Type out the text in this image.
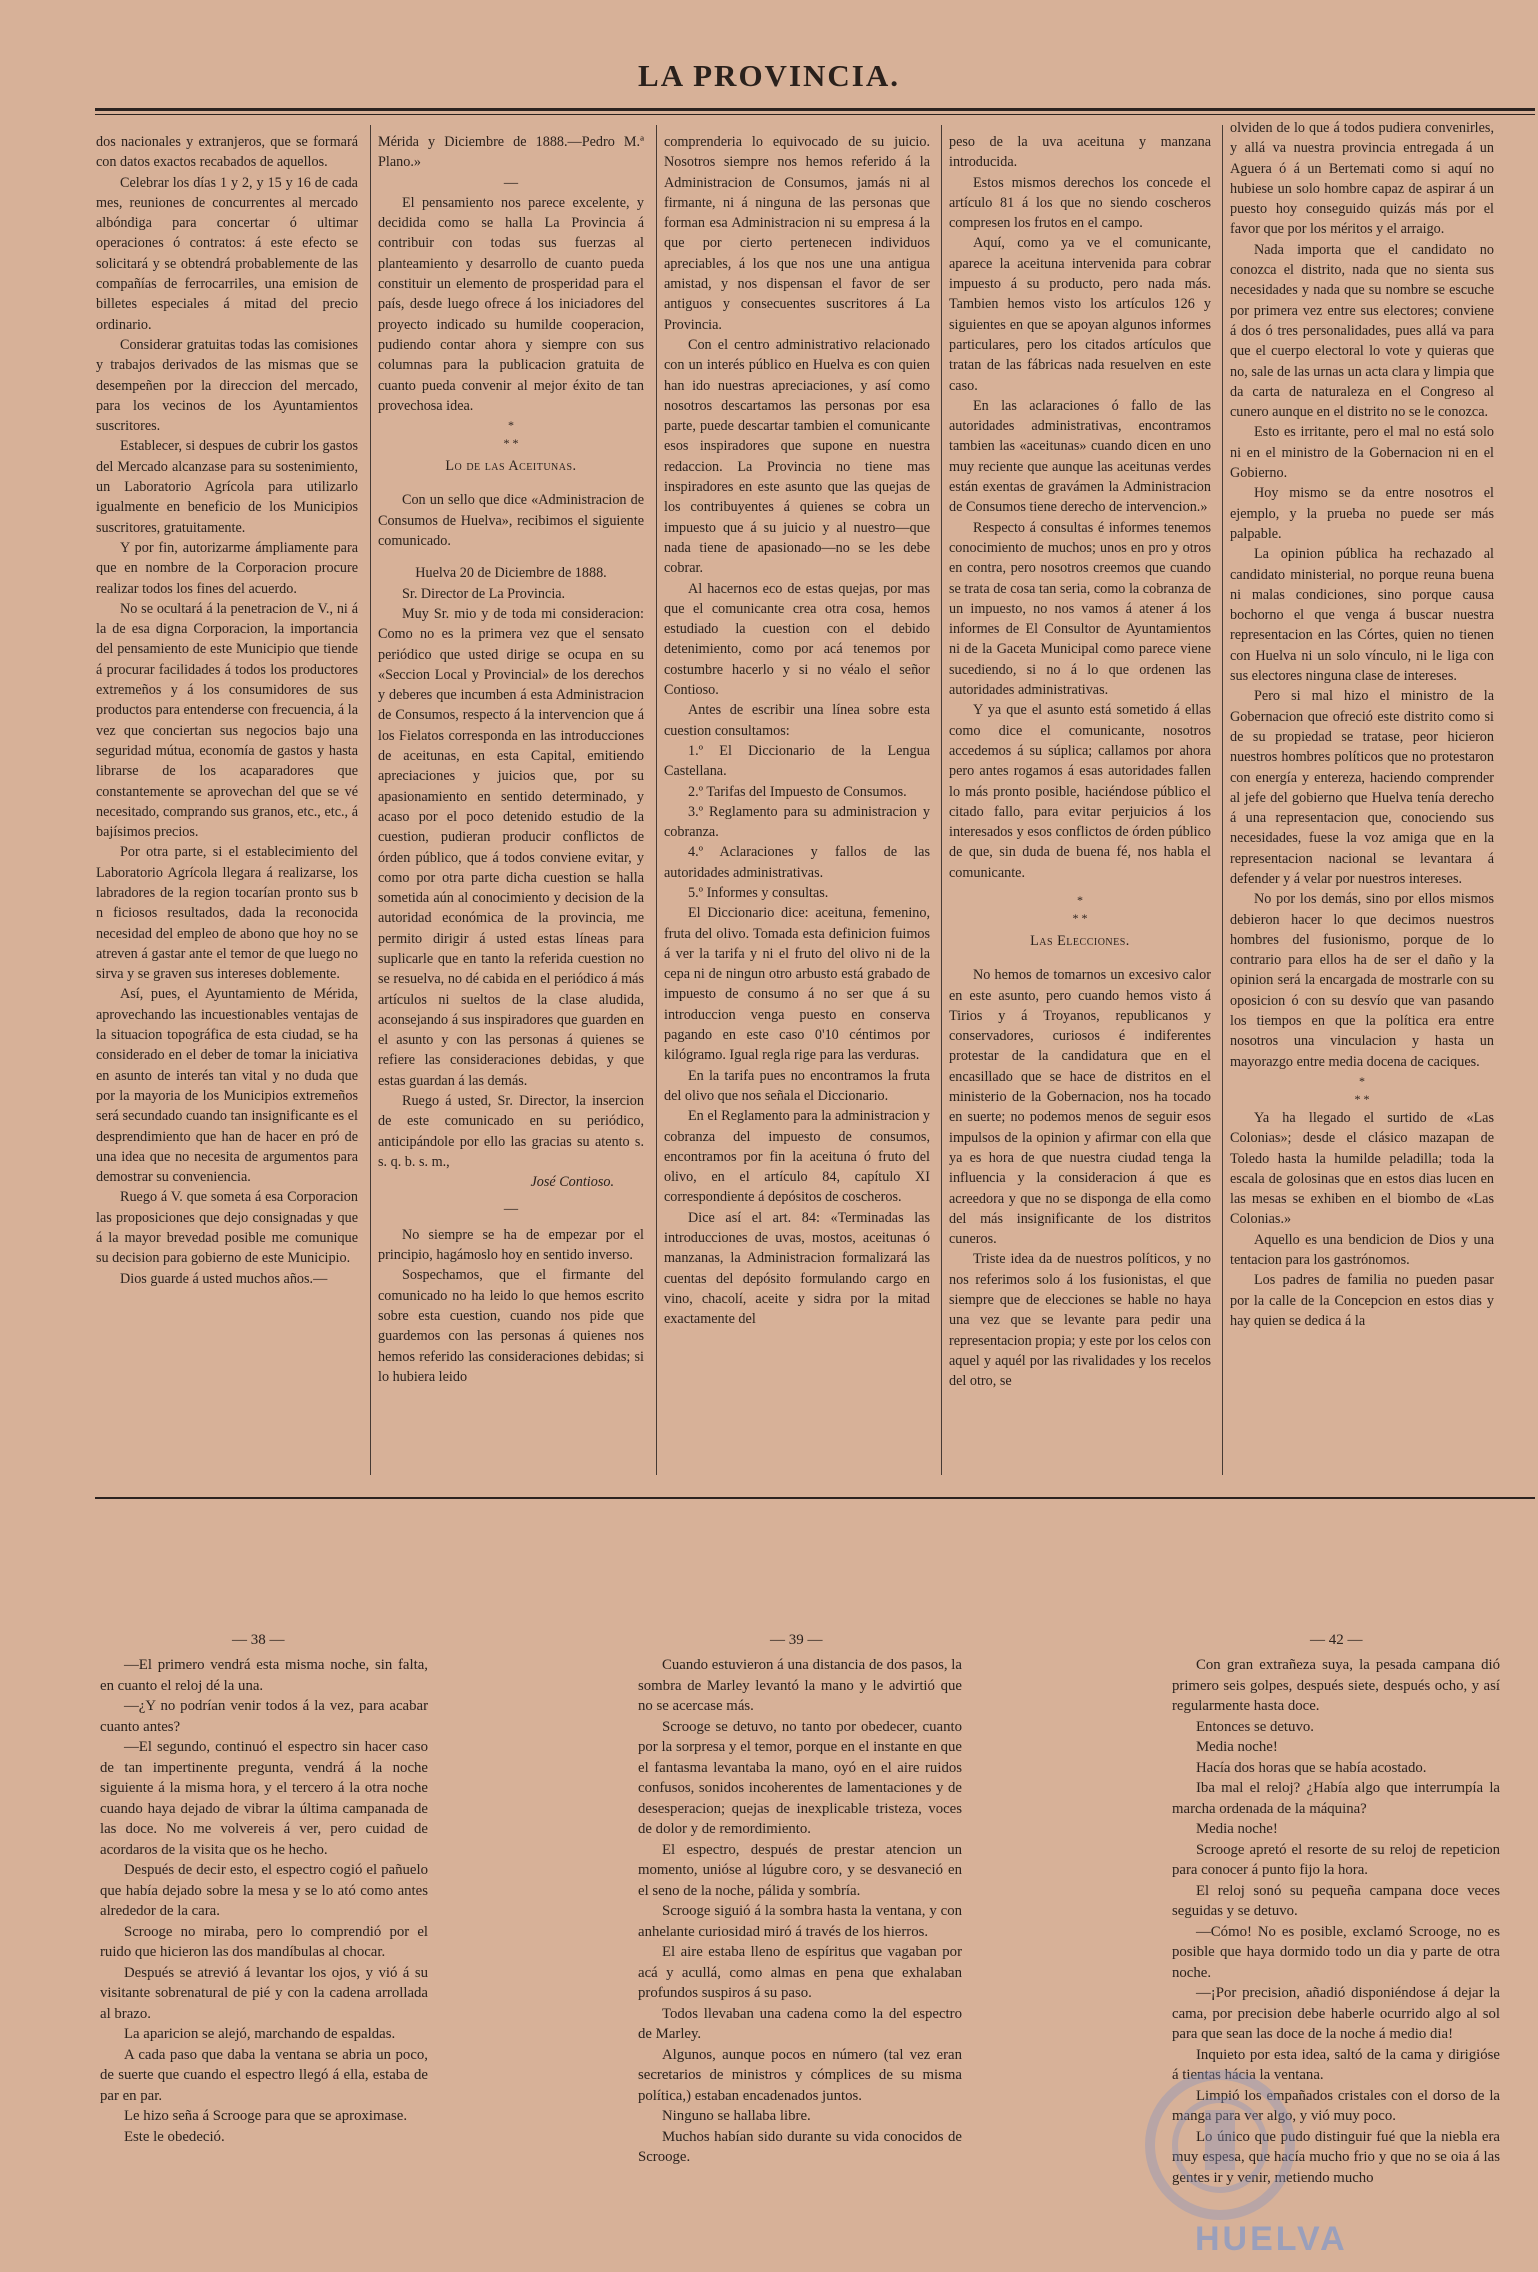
LA PROVINCIA.

dos nacionales y extranjeros, que se formará con datos exactos recabados de aquellos.

Celebrar los días 1 y 2, y 15 y 16 de cada mes, reuniones de concurrentes al mercado albóndiga para concertar ó ultimar operaciones ó contratos: á este efecto se solicitará y se obtendrá probablemente de las compañías de ferrocarriles, una emision de billetes especiales á mitad del precio ordinario.

Considerar gratuitas todas las comisiones y trabajos derivados de las mismas que se desempeñen por la direccion del mercado, para los vecinos de los Ayuntamientos suscritores.

Establecer, si despues de cubrir los gastos del Mercado alcanzase para su sostenimiento, un Laboratorio Agrícola para utilizarlo igualmente en beneficio de los Municipios suscritores, gratuitamente.

Y por fin, autorizarme ámpliamente para que en nombre de la Corporacion procure realizar todos los fines del acuerdo.

No se ocultará á la penetracion de V., ni á la de esa digna Corporacion, la importancia del pensamiento de este Municipio que tiende á procurar facilidades á todos los productores extremeños y á los consumidores de sus productos para entenderse con frecuencia, á la vez que conciertan sus negocios bajo una seguridad mútua, economía de gastos y hasta librarse de los acaparadores que constantemente se aprovechan del que se vé necesitado, comprando sus granos, etc., etc., á bajísimos precios.

Por otra parte, si el establecimiento del Laboratorio Agrícola llegara á realizarse, los labradores de la region tocarían pronto sus b n ficiosos resultados, dada la reconocida necesidad del empleo de abono que hoy no se atreven á gastar ante el temor de que luego no sirva y se graven sus intereses doblemente.

Así, pues, el Ayuntamiento de Mérida, aprovechando las incuestionables ventajas de la situacion topográfica de esta ciudad, se ha considerado en el deber de tomar la iniciativa en asunto de interés tan vital y no duda que por la mayoria de los Municipios extremeños será secundado cuando tan insignificante es el desprendimiento que han de hacer en pró de una idea que no necesita de argumentos para demostrar su conveniencia.

Ruego á V. que someta á esa Corporacion las proposiciones que dejo consignadas y que á la mayor brevedad posible me comunique su decision para gobierno de este Municipio.

Dios guarde á usted muchos años.—

Mérida y Diciembre de 1888.—Pedro M.ª Plano.»

—

El pensamiento nos parece excelente, y decidida como se halla La Provincia á contribuir con todas sus fuerzas al planteamiento y desarrollo de cuanto pueda constituir un elemento de prosperidad para el país, desde luego ofrece á los iniciadores del proyecto indicado su humilde cooperacion, pudiendo contar ahora y siempre con sus columnas para la publicacion gratuita de cuanto pueda convenir al mejor éxito de tan provechosa idea.

*
* *

Lo de las Aceitunas.

Con un sello que dice «Administracion de Consumos de Huelva», recibimos el siguiente comunicado.

Huelva 20 de Diciembre de 1888.

Sr. Director de La Provincia.

Muy Sr. mio y de toda mi consideracion: Como no es la primera vez que el sensato periódico que usted dirige se ocupa en su «Seccion Local y Provincial» de los derechos y deberes que incumben á esta Administracion de Consumos, respecto á la intervencion que á los Fielatos corresponda en las introducciones de aceitunas, en esta Capital, emitiendo apreciaciones y juicios que, por su apasionamiento en sentido determinado, y acaso por el poco detenido estudio de la cuestion, pudieran producir conflictos de órden público, que á todos conviene evitar, y como por otra parte dicha cuestion se halla sometida aún al conocimiento y decision de la autoridad económica de la provincia, me permito dirigir á usted estas líneas para suplicarle que en tanto la referida cuestion no se resuelva, no dé cabida en el periódico á más artículos ni sueltos de la clase aludida, aconsejando á sus inspiradores que guarden en el asunto y con las personas á quienes se refiere las consideraciones debidas, y que estas guardan á las demás.

Ruego á usted, Sr. Director, la insercion de este comunicado en su periódico, anticipándole por ello las gracias su atento s. s. q. b. s. m.,

José Contioso.

—

No siempre se ha de empezar por el principio, hagámoslo hoy en sentido inverso.

Sospechamos, que el firmante del comunicado no ha leido lo que hemos escrito sobre esta cuestion, cuando nos pide que guardemos con las personas á quienes nos hemos referido las consideraciones debidas; si lo hubiera leido

comprenderia lo equivocado de su juicio. Nosotros siempre nos hemos referido á la Administracion de Consumos, jamás ni al firmante, ni á ninguna de las personas que forman esa Administracion ni su empresa á la que por cierto pertenecen individuos apreciables, á los que nos une una antigua amistad, y nos dispensan el favor de ser antiguos y consecuentes suscritores á La Provincia.

Con el centro administrativo relacionado con un interés público en Huelva es con quien han ido nuestras apreciaciones, y así como nosotros descartamos las personas por esa parte, puede descartar tambien el comunicante esos inspiradores que supone en nuestra redaccion. La Provincia no tiene mas inspiradores en este asunto que las quejas de los contribuyentes á quienes se cobra un impuesto que á su juicio y al nuestro—que nada tiene de apasionado—no se les debe cobrar.

Al hacernos eco de estas quejas, por mas que el comunicante crea otra cosa, hemos estudiado la cuestion con el debido detenimiento, como por acá tenemos por costumbre hacerlo y si no véalo el señor Contioso.

Antes de escribir una línea sobre esta cuestion consultamos:

1.º El Diccionario de la Lengua Castellana.

2.º Tarifas del Impuesto de Consumos.

3.º Reglamento para su administracion y cobranza.

4.º Aclaraciones y fallos de las autoridades administrativas.

5.º Informes y consultas.

El Diccionario dice: aceituna, femenino, fruta del olivo. Tomada esta definicion fuimos á ver la tarifa y ni el fruto del olivo ni de la cepa ni de ningun otro arbusto está grabado de impuesto de consumo á no ser que á su introduccion venga puesto en conserva pagando en este caso 0'10 céntimos por kilógramo. Igual regla rige para las verduras.

En la tarifa pues no encontramos la fruta del olivo que nos señala el Diccionario.

En el Reglamento para la administracion y cobranza del impuesto de consumos, encontramos por fin la aceituna ó fruto del olivo, en el artículo 84, capítulo XI correspondiente á depósitos de coscheros.

Dice así el art. 84: «Terminadas las introducciones de uvas, mostos, aceitunas ó manzanas, la Administracion formalizará las cuentas del depósito formulando cargo en vino, chacolí, aceite y sidra por la mitad exactamente del

peso de la uva aceituna y manzana introducida.

Estos mismos derechos los concede el artículo 81 á los que no siendo coscheros compresen los frutos en el campo.

Aquí, como ya ve el comunicante, aparece la aceituna intervenida para cobrar impuesto á su producto, pero nada más. Tambien hemos visto los artículos 126 y siguientes en que se apoyan algunos informes particulares, pero los citados artículos que tratan de las fábricas nada resuelven en este caso.

En las aclaraciones ó fallo de las autoridades administrativas, encontramos tambien las «aceitunas» cuando dicen en uno muy reciente que aunque las aceitunas verdes están exentas de gravámen la Administracion de Consumos tiene derecho de intervencion.»

Respecto á consultas é informes tenemos conocimiento de muchos; unos en pro y otros en contra, pero nosotros creemos que cuando se trata de cosa tan seria, como la cobranza de un impuesto, no nos vamos á atener á los informes de El Consultor de Ayuntamientos ni de la Gaceta Municipal como parece viene sucediendo, si no á lo que ordenen las autoridades administrativas.

Y ya que el asunto está sometido á ellas como dice el comunicante, nosotros accedemos á su súplica; callamos por ahora pero antes rogamos á esas autoridades fallen lo más pronto posible, haciéndose público el citado fallo, para evitar perjuicios á los interesados y esos conflictos de órden público de que, sin duda de buena fé, nos habla el comunicante.

*
* *

Las Elecciones.

No hemos de tomarnos un excesivo calor en este asunto, pero cuando hemos visto á Tirios y á Troyanos, republicanos y conservadores, curiosos é indiferentes protestar de la candidatura que en el encasillado que se hace de distritos en el ministerio de la Gobernacion, nos ha tocado en suerte; no podemos menos de seguir esos impulsos de la opinion y afirmar con ella que ya es hora de que nuestra ciudad tenga la influencia y la consideracion á que es acreedora y que no se disponga de ella como del más insignificante de los distritos cuneros.

Triste idea da de nuestros políticos, y no nos referimos solo á los fusionistas, el que siempre que de elecciones se hable no haya una vez que se levante para pedir una representacion propia; y este por los celos con aquel y aquél por las rivalidades y los recelos del otro, se

olviden de lo que á todos pudiera convenirles, y allá va nuestra provincia entregada á un Aguera ó á un Bertemati como si aquí no hubiese un solo hombre capaz de aspirar á un puesto hoy conseguido quizás más por el favor que por los méritos y el arraigo.

Nada importa que el candidato no conozca el distrito, nada que no sienta sus necesidades y nada que su nombre se escuche por primera vez entre sus electores; conviene á dos ó tres personalidades, pues allá va para que el cuerpo electoral lo vote y quieras que no, sale de las urnas un acta clara y limpia que da carta de naturaleza en el Congreso al cunero aunque en el distrito no se le conozca.

Esto es irritante, pero el mal no está solo ni en el ministro de la Gobernacion ni en el Gobierno.

Hoy mismo se da entre nosotros el ejemplo, y la prueba no puede ser más palpable.

La opinion pública ha rechazado al candidato ministerial, no porque reuna buena ni malas condiciones, sino porque causa bochorno el que venga á buscar nuestra representacion en las Córtes, quien no tienen con Huelva ni un solo vínculo, ni le liga con sus electores ninguna clase de intereses.

Pero si mal hizo el ministro de la Gobernacion que ofreció este distrito como si de su propiedad se tratase, peor hicieron nuestros hombres políticos que no protestaron con energía y entereza, haciendo comprender al jefe del gobierno que Huelva tenía derecho á una representacion que, conociendo sus necesidades, fuese la voz amiga que en la representacion nacional se levantara á defender y á velar por nuestros intereses.

No por los demás, sino por ellos mismos debieron hacer lo que decimos nuestros hombres del fusionismo, porque de lo contrario para ellos ha de ser el daño y la opinion será la encargada de mostrarle con su oposicion ó con su desvío que van pasando los tiempos en que la política era entre nosotros una vinculacion y hasta un mayorazgo entre media docena de caciques.

*
* *

Ya ha llegado el surtido de «Las Colonias»; desde el clásico mazapan de Toledo hasta la humilde peladilla; toda la escala de golosinas que en estos dias lucen en las mesas se exhiben en el biombo de «Las Colonias.»

Aquello es una bendicion de Dios y una tentacion para los gastrónomos.

Los padres de familia no pueden pasar por la calle de la Concepcion en estos dias y hay quien se dedica á la

— 38 —	— 39 —	— 42 —

—El primero vendrá esta misma noche, sin falta, en cuanto el reloj dé la una.

—¿Y no podrían venir todos á la vez, para acabar cuanto antes?

—El segundo, continuó el espectro sin hacer caso de tan impertinente pregunta, vendrá á la noche siguiente á la misma hora, y el tercero á la otra noche cuando haya dejado de vibrar la última campanada de las doce. No me volvereis á ver, pero cuidad de acordaros de la visita que os he hecho.

Después de decir esto, el espectro cogió el pañuelo que había dejado sobre la mesa y se lo ató como antes alrededor de la cara.

Scrooge no miraba, pero lo comprendió por el ruido que hicieron las dos mandíbulas al chocar.

Después se atrevió á levantar los ojos, y vió á su visitante sobrenatural de pié y con la cadena arrollada al brazo.

La aparicion se alejó, marchando de espaldas.

A cada paso que daba la ventana se abria un poco, de suerte que cuando el espectro llegó á ella, estaba de par en par.

Le hizo seña á Scrooge para que se aproximase.

Este le obedeció.

Cuando estuvieron á una distancia de dos pasos, la sombra de Marley levantó la mano y le advirtió que no se acercase más.

Scrooge se detuvo, no tanto por obedecer, cuanto por la sorpresa y el temor, porque en el instante en que el fantasma levantaba la mano, oyó en el aire ruidos confusos, sonidos incoherentes de lamentaciones y de desesperacion; quejas de inexplicable tristeza, voces de dolor y de remordimiento.

El espectro, después de prestar atencion un momento, unióse al lúgubre coro, y se desvaneció en el seno de la noche, pálida y sombría.

Scrooge siguió á la sombra hasta la ventana, y con anhelante curiosidad miró á través de los hierros.

El aire estaba lleno de espíritus que vagaban por acá y acullá, como almas en pena que exhalaban profundos suspiros á su paso.

Todos llevaban una cadena como la del espectro de Marley.

Algunos, aunque pocos en número (tal vez eran secretarios de ministros y cómplices de su misma política,) estaban encadenados juntos.

Ninguno se hallaba libre.

Muchos habían sido durante su vida conocidos de Scrooge.

Con gran extrañeza suya, la pesada campana dió primero seis golpes, después siete, después ocho, y así regularmente hasta doce.

Entonces se detuvo.

Media noche!

Hacía dos horas que se había acostado.

Iba mal el reloj? ¿Había algo que interrumpía la marcha ordenada de la máquina?

Media noche!

Scrooge apretó el resorte de su reloj de repeticion para conocer á punto fijo la hora.

El reloj sonó su pequeña campana doce veces seguidas y se detuvo.

—Cómo! No es posible, exclamó Scrooge, no es posible que haya dormido todo un dia y parte de otra noche.

—¡Por precision, añadió disponiéndose á dejar la cama, por precision debe haberle ocurrido algo al sol para que sean las doce de la noche á medio dia!

Inquieto por esta idea, saltó de la cama y dirigióse á tientas hácia la ventana.

Limpió los empañados cristales con el dorso de la manga para ver algo, y vió muy poco.

Lo único que pudo distinguir fué que la niebla era muy espesa, que hacía mucho frio y que no se oia á las gentes ir y venir, metiendo mucho

HUELVA
